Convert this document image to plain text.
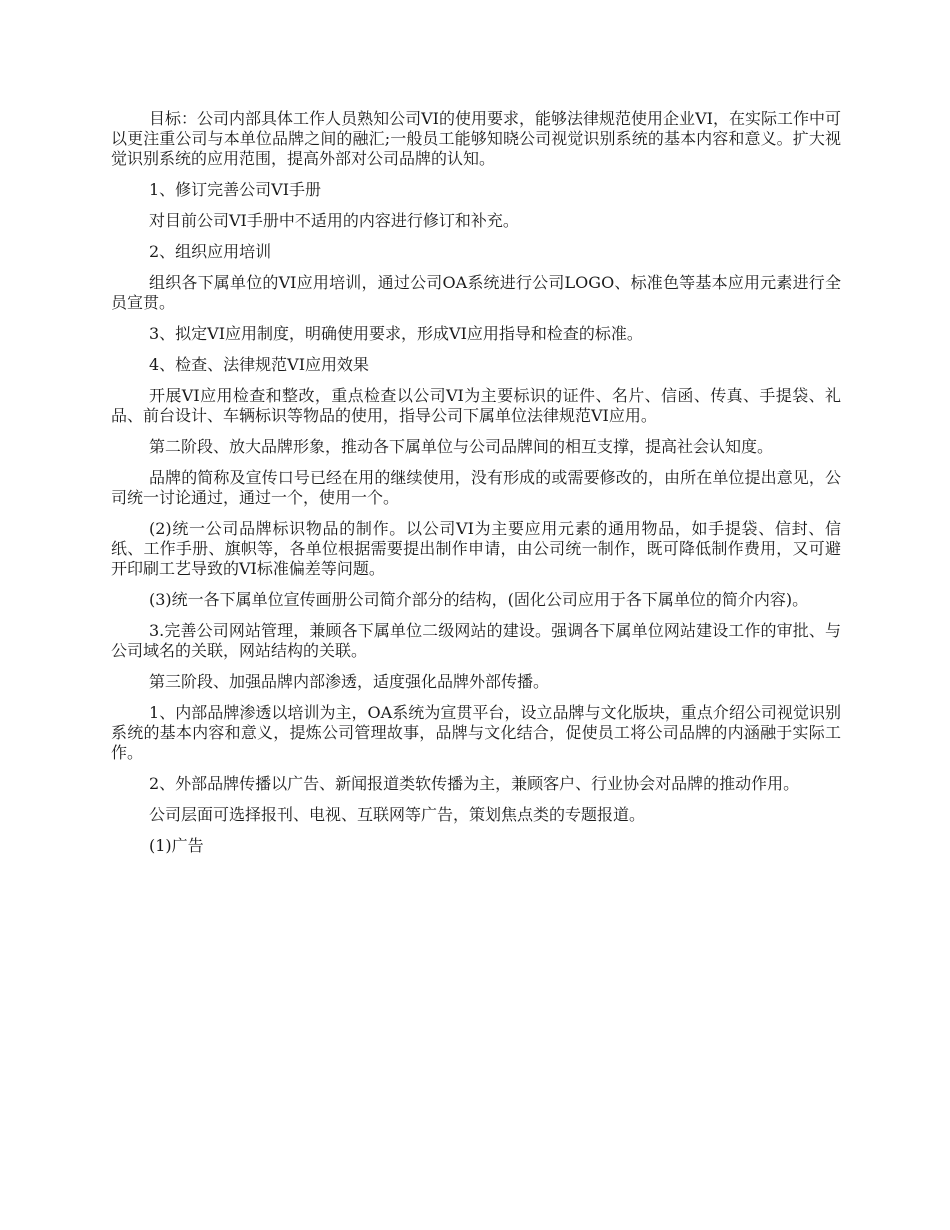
目标：公司内部具体工作人员熟知公司VI的使用要求，能够法律规范使用企业VI，在实际工作中可以更注重公司与本单位品牌之间的融汇;一般员工能够知晓公司视觉识别系统的基本内容和意义。扩大视觉识别系统的应用范围，提高外部对公司品牌的认知。

1、修订完善公司VI手册

对目前公司VI手册中不适用的内容进行修订和补充。

2、组织应用培训

组织各下属单位的VI应用培训，通过公司OA系统进行公司LOGO、标准色等基本应用元素进行全员宣贯。

3、拟定VI应用制度，明确使用要求，形成VI应用指导和检查的标准。

4、检查、法律规范VI应用效果

开展VI应用检查和整改，重点检查以公司VI为主要标识的证件、名片、信函、传真、手提袋、礼品、前台设计、车辆标识等物品的使用，指导公司下属单位法律规范VI应用。

第二阶段、放大品牌形象，推动各下属单位与公司品牌间的相互支撑，提高社会认知度。

品牌的简称及宣传口号已经在用的继续使用，没有形成的或需要修改的，由所在单位提出意见，公司统一讨论通过，通过一个，使用一个。

(2)统一公司品牌标识物品的制作。以公司VI为主要应用元素的通用物品，如手提袋、信封、信纸、工作手册、旗帜等，各单位根据需要提出制作申请，由公司统一制作，既可降低制作费用，又可避开印刷工艺导致的VI标准偏差等问题。

(3)统一各下属单位宣传画册公司简介部分的结构，(固化公司应用于各下属单位的简介内容)。

3.完善公司网站管理，兼顾各下属单位二级网站的建设。强调各下属单位网站建设工作的审批、与公司域名的关联，网站结构的关联。

第三阶段、加强品牌内部渗透，适度强化品牌外部传播。

1、内部品牌渗透以培训为主，OA系统为宣贯平台，设立品牌与文化版块，重点介绍公司视觉识别系统的基本内容和意义，提炼公司管理故事，品牌与文化结合，促使员工将公司品牌的内涵融于实际工作。

2、外部品牌传播以广告、新闻报道类软传播为主，兼顾客户、行业协会对品牌的推动作用。

公司层面可选择报刊、电视、互联网等广告，策划焦点类的专题报道。

(1)广告
